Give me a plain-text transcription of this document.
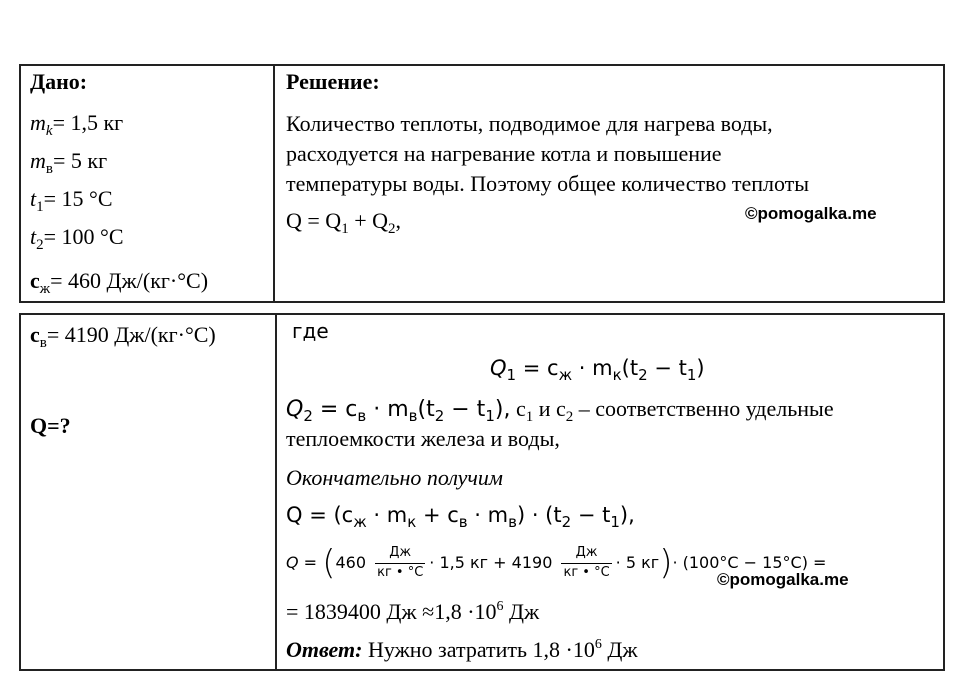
Дано:
$m_k= 1,5$ кг
$m_в= 5$ кг
$t_1= 15$ °C
$t_2= 100$ °C
$c_ж= 460$ Дж/(кг·°C)
Решение:
Количество теплоты, подводимое для нагрева воды,
расходуется на нагревание котла и повышение
температуры воды. Поэтому общее количество теплоты
$Q = Q_1 + Q_2$,	©pomogalka.me
$c_в= 4190$ Дж/(кг·°C)
Q=?
где
$Q_1 = c_ж \cdot m_к(t_2 - t_1)$
$Q_2 = c_в \cdot m_в(t_2 - t_1)$, $c_1$ и $c_2$ – соответственно удельные
теплоемкости железа и воды,
Окончательно получим
$Q = (c_ж \cdot m_к + c_в \cdot m_в) \cdot (t_2 - t_1)$,
$Q = (460 \frac{Дж}{кг • ^\circ С} \cdot 1,5$ кг + $4190 \frac{Дж}{кг • ^\circ С} \cdot 5$ кг)· (100°С − 15°С) =
©pomogalka.me
= 1839400 Дж $\approx 1,8 \cdot 10^6$ Дж
Ответ: Нужно затратить $1,8 \cdot 10^6$ Дж
